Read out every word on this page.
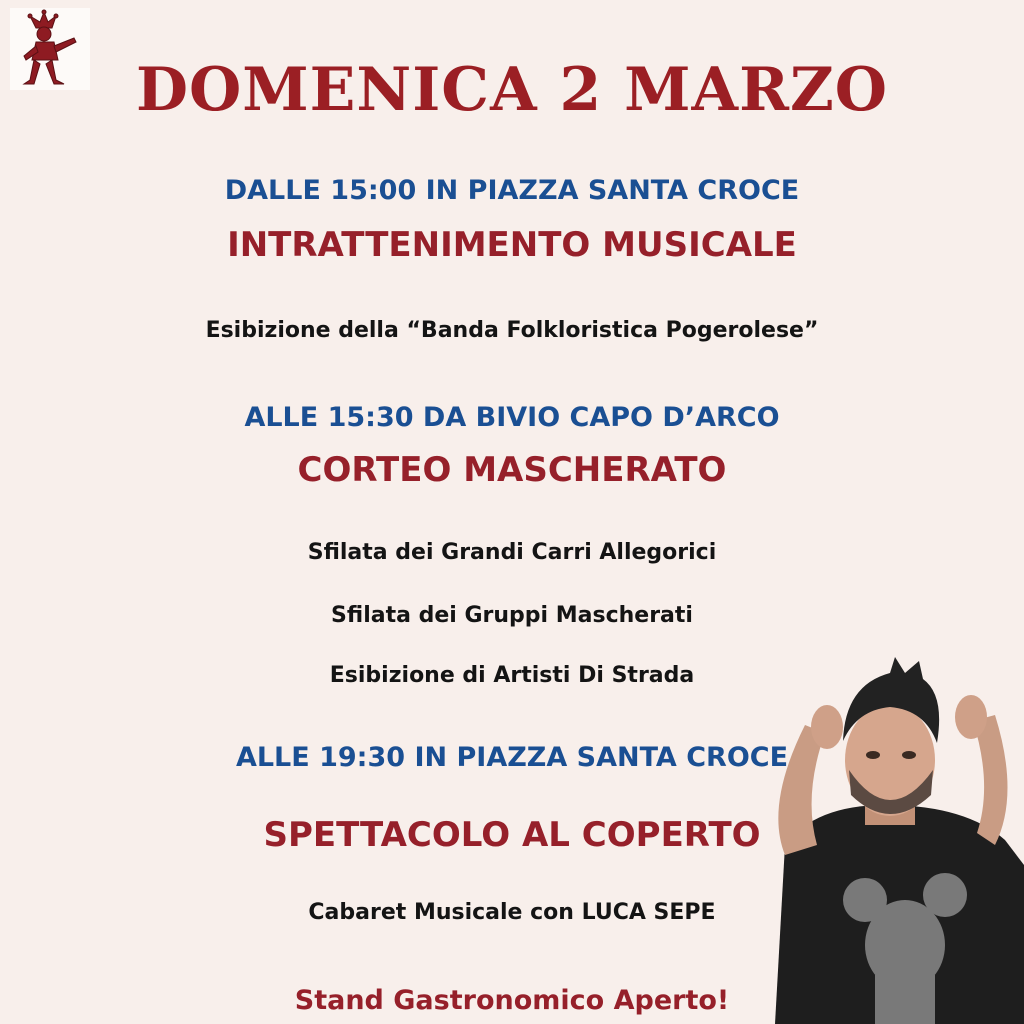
DOMENICA 2 MARZO
DALLE 15:00 IN PIAZZA SANTA CROCE
INTRATTENIMENTO MUSICALE
Esibizione della “Banda Folkloristica Pogerolese”
ALLE 15:30 DA BIVIO CAPO D’ARCO
CORTEO MASCHERATO
Sfilata dei Grandi Carri Allegorici
Sfilata dei Gruppi Mascherati
Esibizione di Artisti Di Strada
ALLE 19:30 IN PIAZZA SANTA CROCE
SPETTACOLO AL COPERTO
Cabaret Musicale con LUCA SEPE
Stand Gastronomico Aperto!
